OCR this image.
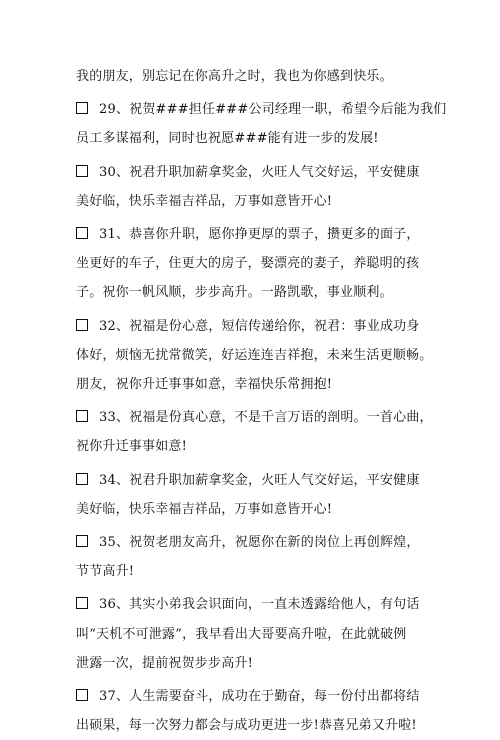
我的朋友，别忘记在你高升之时，我也为你感到快乐。
29、祝贺###担任###公司经理一职，希望今后能为我们
员工多谋福利，同时也祝愿###能有进一步的发展!
30、祝君升职加薪拿奖金，火旺人气交好运，平安健康
美好临，快乐幸福吉祥品，万事如意皆开心!
31、恭喜你升职，愿你挣更厚的票子，攒更多的面子，
坐更好的车子，住更大的房子，娶漂亮的妻子，养聪明的孩
子。祝你一帆风顺，步步高升。一路凯歌，事业顺利。
32、祝福是份心意，短信传递给你，祝君：事业成功身
体好，烦恼无扰常微笑，好运连连吉祥抱，未来生活更顺畅。
朋友，祝你升迁事事如意，幸福快乐常拥抱!
33、祝福是份真心意，不是千言万语的剖明。一首心曲，
祝你升迁事事如意!
34、祝君升职加薪拿奖金，火旺人气交好运，平安健康
美好临，快乐幸福吉祥品，万事如意皆开心!
35、祝贺老朋友高升，祝愿你在新的岗位上再创辉煌，
节节高升!
36、其实小弟我会识面向，一直未透露给他人，有句话
叫“天机不可泄露”，我早看出大哥要高升啦，在此就破例
泄露一次，提前祝贺步步高升!
37、人生需要奋斗，成功在于勤奋，每一份付出都将结
出硕果，每一次努力都会与成功更进一步!恭喜兄弟又升啦!
